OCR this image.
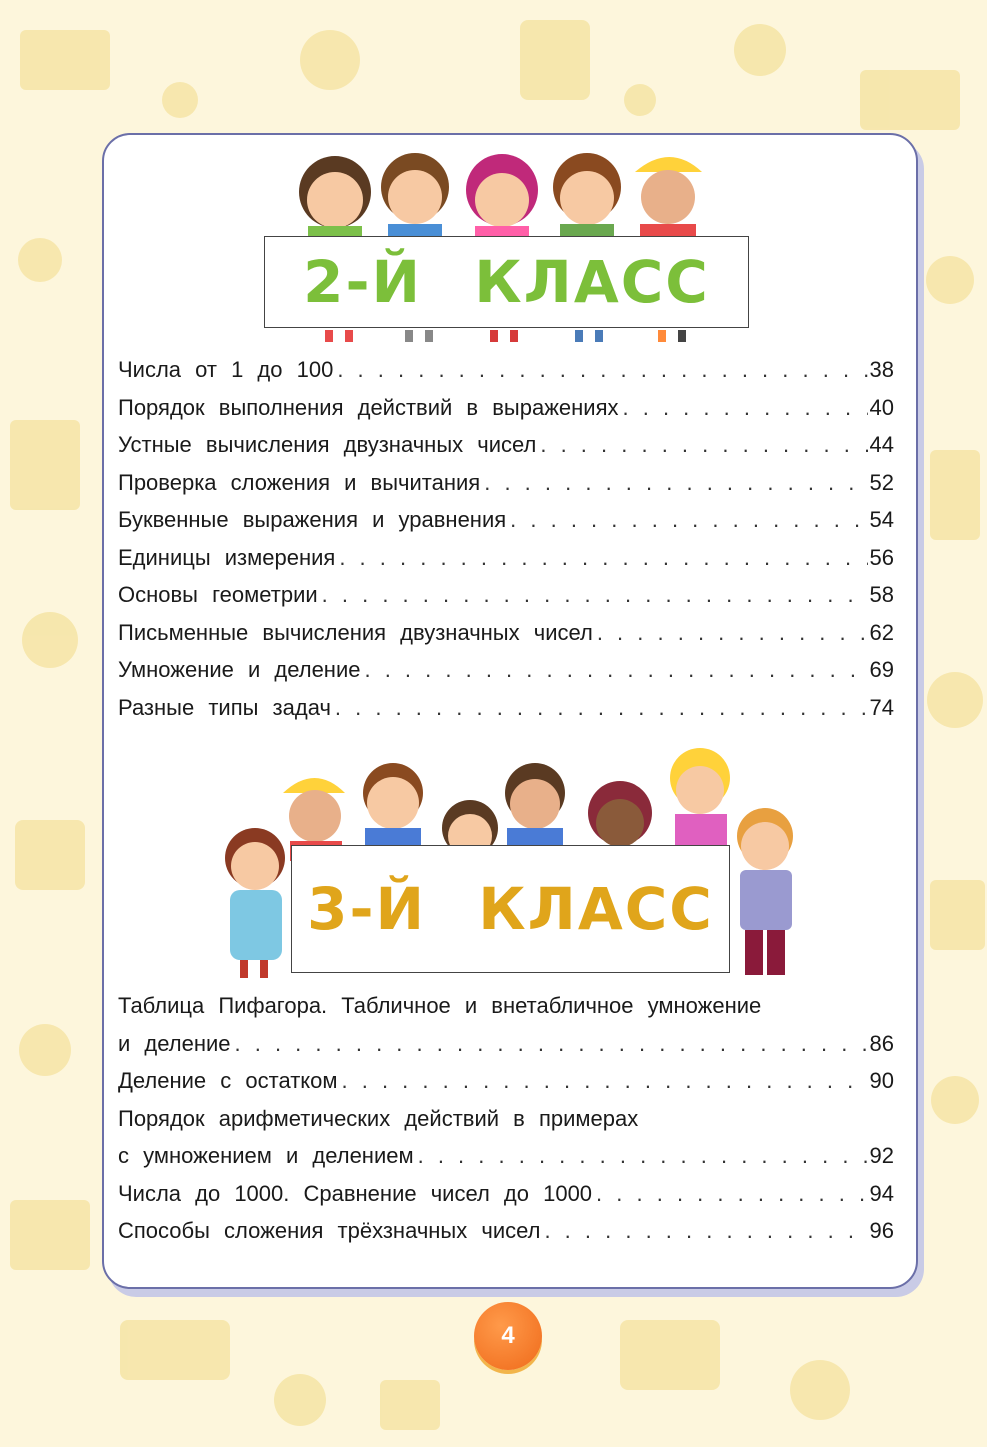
2-Й КЛАСС
Числа от 1 до 100 . . .	38
Порядок выполнения действий в выражениях . . .	40
Устные вычисления двузначных чисел . . .	44
Проверка сложения и вычитания . . .	52
Буквенные выражения и уравнения . . .	54
Единицы измерения . . .	56
Основы геометрии . . .	58
Письменные вычисления двузначных чисел . . .	62
Умножение и деление . . .	69
Разные типы задач . . .	74
3-Й КЛАСС
Таблица Пифагора. Табличное и внетабличное умножение
и деление . . .	86
Деление с остатком . . .	90
Порядок арифметических действий в примерах
с умножением и делением . . .	92
Числа до 1000. Сравнение чисел до 1000 . . .	94
Способы сложения трёхзначных чисел . . .	96
4
